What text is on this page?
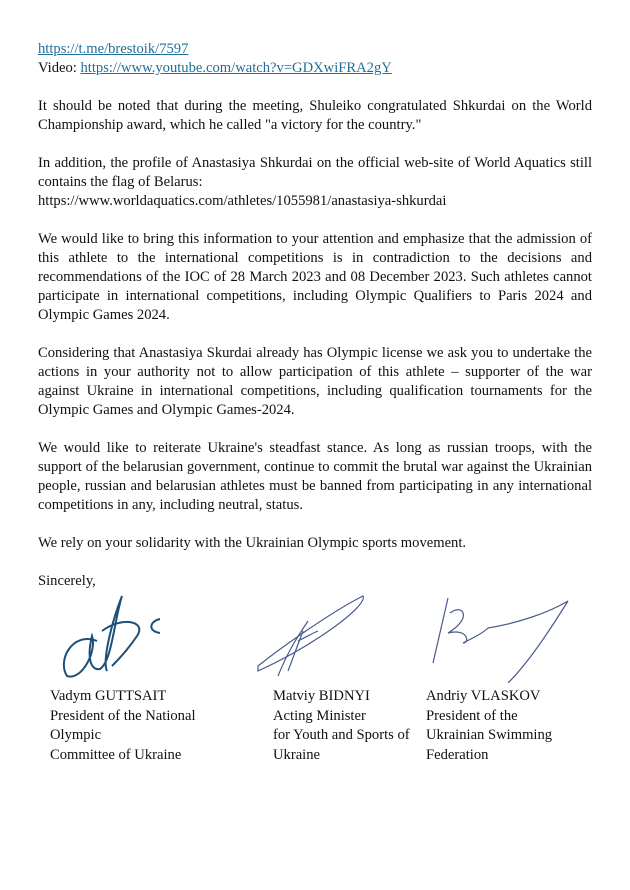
https://t.me/brestoik/7597
Video: https://www.youtube.com/watch?v=GDXwiFRA2gY
It should be noted that during the meeting, Shuleiko congratulated Shkurdai on the World Championship award, which he called "a victory for the country."
In addition, the profile of Anastasiya Shkurdai on the official web-site of World Aquatics still contains the flag of Belarus:
https://www.worldaquatics.com/athletes/1055981/anastasiya-shkurdai
We would like to bring this information to your attention and emphasize that the admission of this athlete to the international competitions is in contradiction to the decisions and recommendations of the IOC of 28 March 2023 and 08 December 2023. Such athletes cannot participate in international competitions, including Olympic Qualifiers to Paris 2024 and Olympic Games 2024.
Considering that Anastasiya Skurdai already has Olympic license we ask you to undertake the actions in your authority not to allow participation of this athlete – supporter of the war against Ukraine in international competitions, including qualification tournaments for the Olympic Games and Olympic Games-2024.
We would like to reiterate Ukraine's steadfast stance. As long as russian troops, with the support of the belarusian government, continue to commit the brutal war against the Ukrainian people, russian and belarusian athletes must be banned from participating in any international competitions in any, including neutral, status.
We rely on your solidarity with the Ukrainian Olympic sports movement.
Sincerely,
Vadym GUTTSAIT
President of the National
Olympic
Committee of Ukraine
Matviy BIDNYI
Acting Minister
for Youth and Sports of
Ukraine
Andriy VLASKOV
President of the
Ukrainian Swimming
Federation
